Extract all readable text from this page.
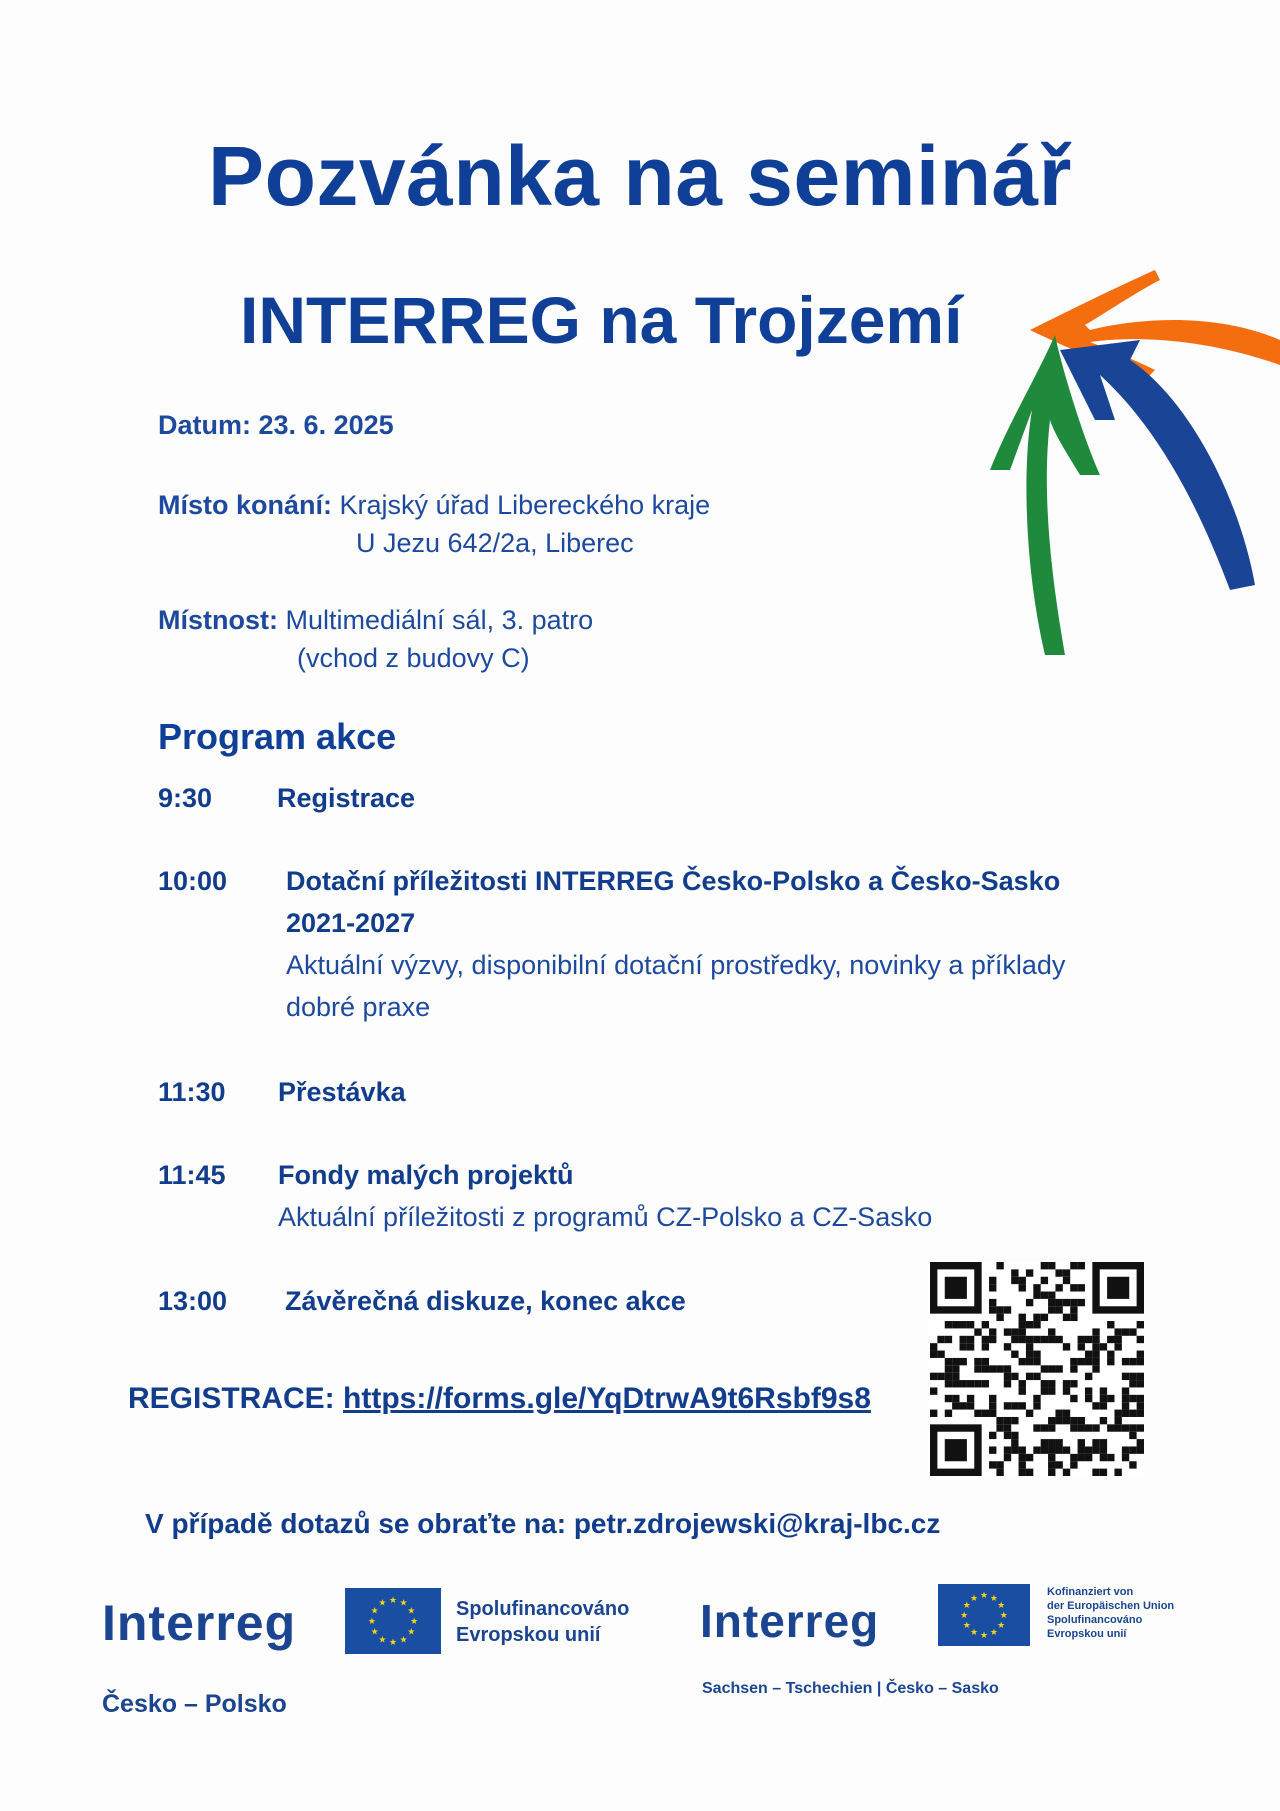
Pozvánka na seminář
INTERREG na Trojzemí
Datum: 23. 6. 2025
Místo konání: Krajský úřad Libereckého kraje
U Jezu 642/2a, Liberec
Místnost: Multimediální sál, 3. patro
(vchod z budovy C)
Program akce
9:30 Registrace
10:00 Dotační příležitosti INTERREG Česko-Polsko a Česko-Sasko
2021-2027
Aktuální výzvy, disponibilní dotační prostředky, novinky a příklady
dobré praxe
11:30 Přestávka
11:45 Fondy malých projektů
Aktuální příležitosti z programů CZ-Polsko a CZ-Sasko
13:00 Závěrečná diskuze, konec akce
REGISTRACE: https://forms.gle/YqDtrwA9t6Rsbf9s8
V případě dotazů se obraťte na: petr.zdrojewski@kraj-lbc.cz
Interreg	★
★
★
★
★
★
★
★
★ ★ ★
★ Spolufinancováno
Evropskou unií
Česko – Polsko
Interreg	★
★
★
★
★
★
★
★
★ ★ ★
★
Kofinanziert von
der Europäischen Union
Spolufinancováno
Evropskou unií
Sachsen – Tschechien | Česko – Sasko
